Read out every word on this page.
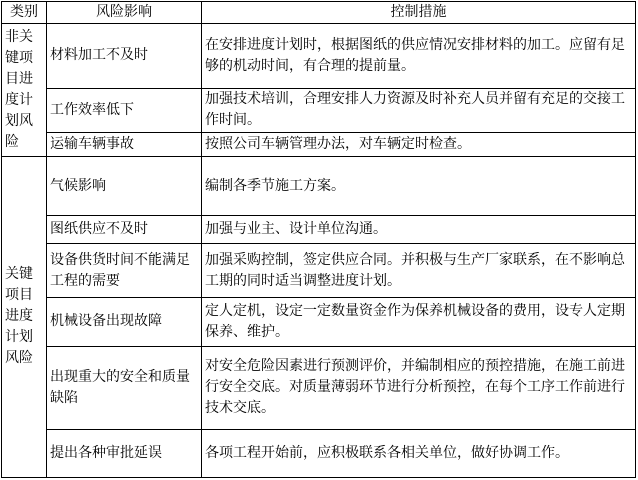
类别	风险影响	控制措施
非关键项目进度计划风险	材料加工不及时	在安排进度计划时，根据图纸的供应情况安排材料的加工。应留有足够的机动时间，有合理的提前量。
	工作效率低下	加强技术培训，合理安排人力资源及时补充人员并留有充足的交接工作时间。
	运输车辆事故	按照公司车辆管理办法，对车辆定时检查。
关键项目进度计划风险	气候影响	编制各季节施工方案。
	图纸供应不及时	加强与业主、设计单位沟通。
	设备供货时间不能满足工程的需要	加强采购控制，签定供应合同。并积极与生产厂家联系，在不影响总工期的同时适当调整进度计划。
	机械设备出现故障	定人定机，设定一定数量资金作为保养机械设备的费用，设专人定期保养、维护。
	出现重大的安全和质量缺陷	对安全危险因素进行预测评价，并编制相应的预控措施，在施工前进行安全交底。对质量薄弱环节进行分析预控，在每个工序工作前进行技术交底。
	提出各种审批延误	各项工程开始前，应积极联系各相关单位，做好协调工作。
